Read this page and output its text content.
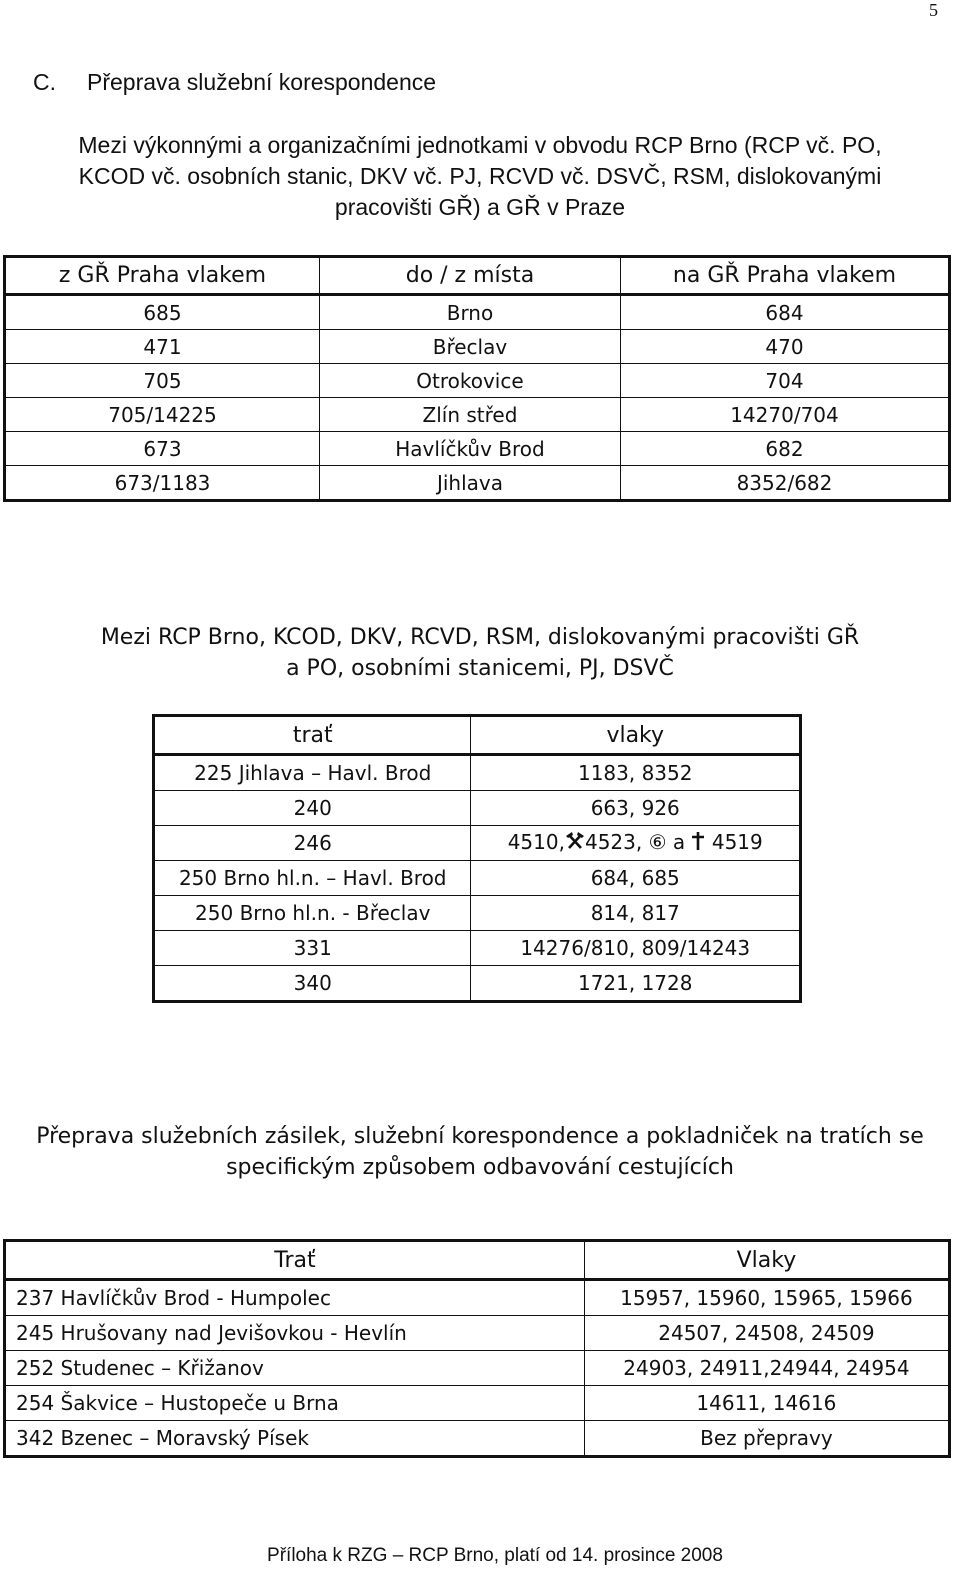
5
C. Přeprava služební korespondence
Mezi výkonnými a organizačními jednotkami v obvodu RCP Brno (RCP vč. PO,
KCOD vč. osobních stanic, DKV vč. PJ, RCVD vč. DSVČ, RSM, dislokovanými
pracovišti GŘ) a GŘ v Praze
z GŘ Praha vlakem	do / z místa	na GŘ Praha vlakem
685	Brno	684
471	Břeclav	470
705	Otrokovice	704
705/14225	Zlín střed	14270/704
673	Havlíčkův Brod	682
673/1183	Jihlava	8352/682
Mezi RCP Brno, KCOD, DKV, RCVD, RSM, dislokovanými pracovišti GŘ
a PO, osobními stanicemi, PJ, DSVČ
trať	vlaky
225 Jihlava – Havl. Brod	1183, 8352
240	663, 926
246	4510, 4523, ⑥ a 4519
250 Brno hl.n. – Havl. Brod	684, 685
250 Brno hl.n. - Břeclav	814, 817
331	14276/810, 809/14243
340	1721, 1728
Přeprava služebních zásilek, služební korespondence a pokladniček na tratích se
specifickým způsobem odbavování cestujících
Trať	Vlaky
237 Havlíčkův Brod - Humpolec	15957, 15960, 15965, 15966
245 Hrušovany nad Jevišovkou - Hevlín	24507, 24508, 24509
252 Studenec – Křižanov	24903, 24911,24944, 24954
254 Šakvice – Hustopeče u Brna	14611, 14616
342 Bzenec – Moravský Písek	Bez přepravy
Příloha k RZG – RCP Brno, platí od 14. prosince 2008
